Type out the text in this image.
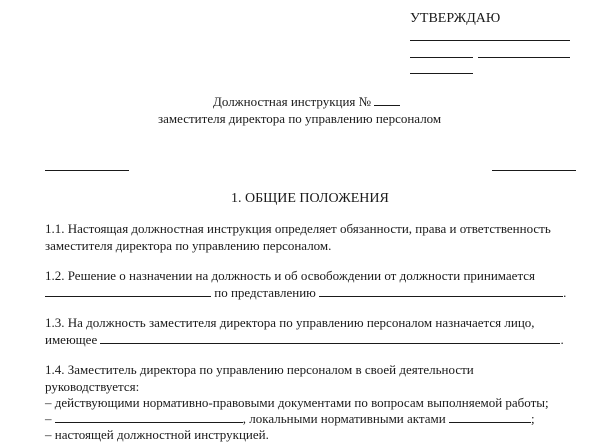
УТВЕРЖДАЮ
Должностная инструкция №
заместителя директора по управлению персоналом
1. ОБЩИЕ ПОЛОЖЕНИЯ
1.1. Настоящая должностная инструкция определяет обязанности, права и ответственность
заместителя директора по управлению персоналом.
1.2. Решение о назначении на должность и об освобождении от должности принимается
по представлению	.
1.3. На должность заместителя директора по управлению персоналом назначается лицо,
имеющее	.
1.4. Заместитель директора по управлению персоналом в своей деятельности
руководствуется:
– действующими нормативно-правовыми документами по вопросам выполняемой работы;
–	, локальными нормативными актами	;
– настоящей должностной инструкцией.
